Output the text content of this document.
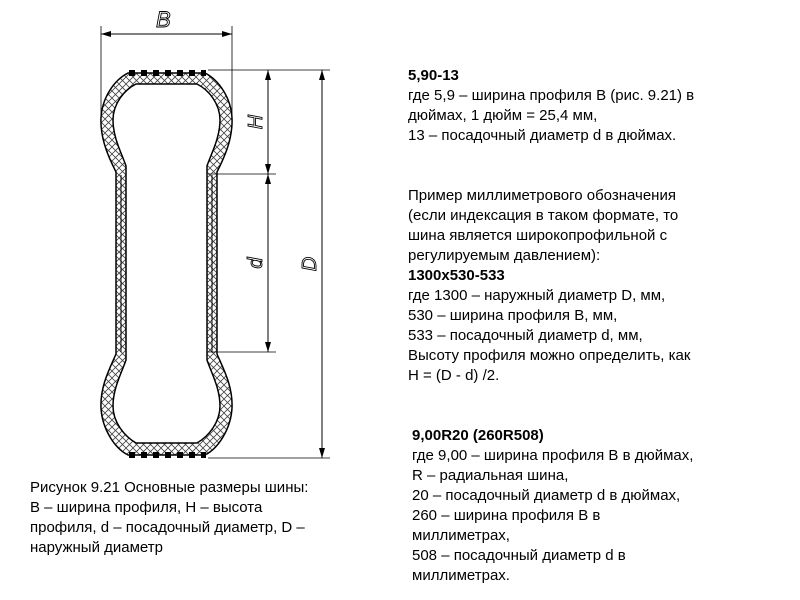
B
H
d D
Рисунок 9.21 Основные размеры шины:
B – ширина профиля, H – высота
профиля, d – посадочный диаметр, D –
наружный диаметр
5,90-13
где 5,9 – ширина профиля B (рис. 9.21) в
дюймах, 1 дюйм = 25,4 мм,
13 – посадочный диаметр d в дюймах.
Пример миллиметрового обозначения
(если индексация в таком формате, то
шина является широкопрофильной с
регулируемым давлением):
1300x530-533
где 1300 – наружный диаметр D, мм,
530 – ширина профиля B, мм,
533 – посадочный диаметр d, мм,
Высоту профиля можно определить, как
H = (D - d) /2.
9,00R20 (260R508)
где 9,00 – ширина профиля B в дюймах,
R – радиальная шина,
20 – посадочный диаметр d в дюймах,
260 – ширина профиля B в
миллиметрах,
508 – посадочный диаметр d в
миллиметрах.
